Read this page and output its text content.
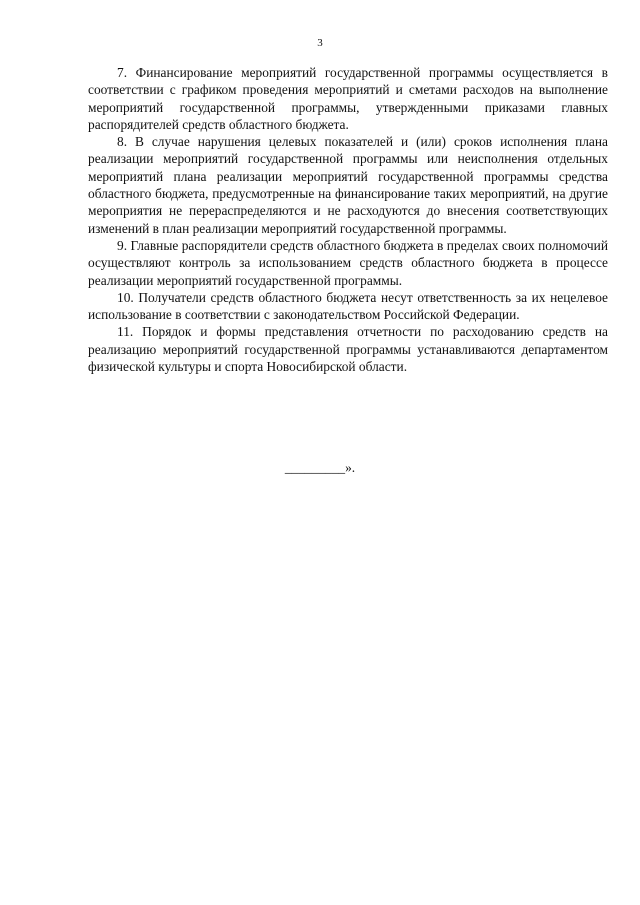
3

7. Финансирование мероприятий государственной программы осуществляется в соответствии с графиком проведения мероприятий и сметами расходов на выполнение мероприятий государственной программы, утвержденными приказами главных распорядителей средств областного бюджета.

8. В случае нарушения целевых показателей и (или) сроков исполнения плана реализации мероприятий государственной программы или неисполнения отдельных мероприятий плана реализации мероприятий государственной программы средства областного бюджета, предусмотренные на финансирование таких мероприятий, на другие мероприятия не перераспределяются и не расходуются до внесения соответствующих изменений в план реализации мероприятий государственной программы.

9. Главные распорядители средств областного бюджета в пределах своих полномочий осуществляют контроль за использованием средств областного бюджета в процессе реализации мероприятий государственной программы.

10. Получатели средств областного бюджета несут ответственность за их нецелевое использование в соответствии с законодательством Российской Федерации.

11. Порядок и формы представления отчетности по расходованию средств на реализацию мероприятий государственной программы устанавливаются департаментом физической культуры и спорта Новосибирской области.

_________».
